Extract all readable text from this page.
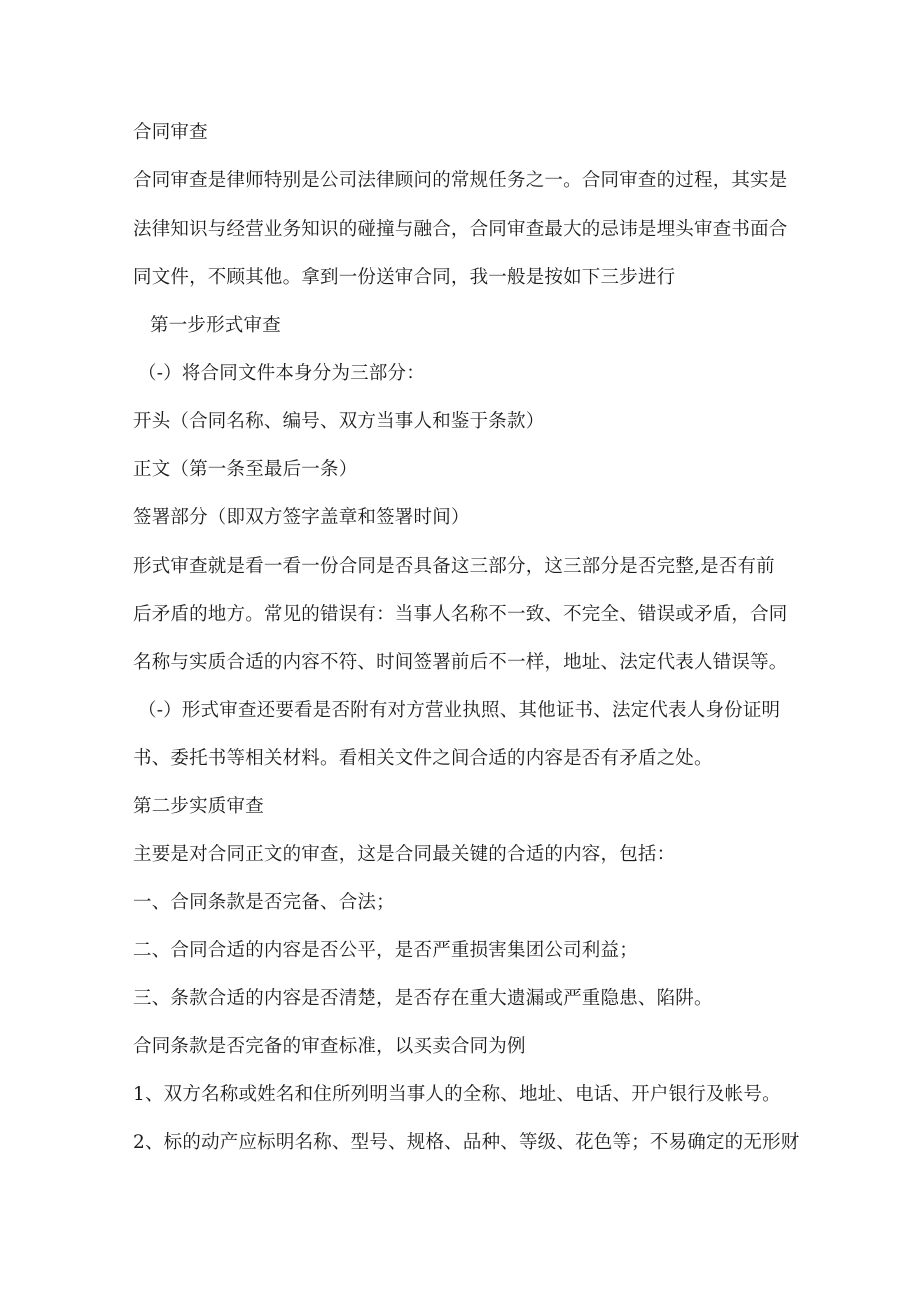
合同审查
合同审查是律师特别是公司法律顾问的常规任务之一。合同审查的过程，其实是
法律知识与经营业务知识的碰撞与融合，合同审查最大的忌讳是埋头审查书面合
同文件，不顾其他。拿到一份送审合同，我一般是按如下三步进行
第一步形式审查
（-）将合同文件本身分为三部分：
开头（合同名称、编号、双方当事人和鉴于条款）
正文（第一条至最后一条）
签署部分（即双方签字盖章和签署时间）
形式审查就是看一看一份合同是否具备这三部分，这三部分是否完整,是否有前
后矛盾的地方。常见的错误有：当事人名称不一致、不完全、错误或矛盾，合同
名称与实质合适的内容不符、时间签署前后不一样，地址、法定代表人错误等。
（-）形式审查还要看是否附有对方营业执照、其他证书、法定代表人身份证明
书、委托书等相关材料。看相关文件之间合适的内容是否有矛盾之处。
第二步实质审查
主要是对合同正文的审查，这是合同最关键的合适的内容，包括：
一、合同条款是否完备、合法；
二、合同合适的内容是否公平，是否严重损害集团公司利益；
三、条款合适的内容是否清楚，是否存在重大遗漏或严重隐患、陷阱。
合同条款是否完备的审查标准，以买卖合同为例
1、双方名称或姓名和住所列明当事人的全称、地址、电话、开户银行及帐号。
2、标的动产应标明名称、型号、规格、品种、等级、花色等；不易确定的无形财
